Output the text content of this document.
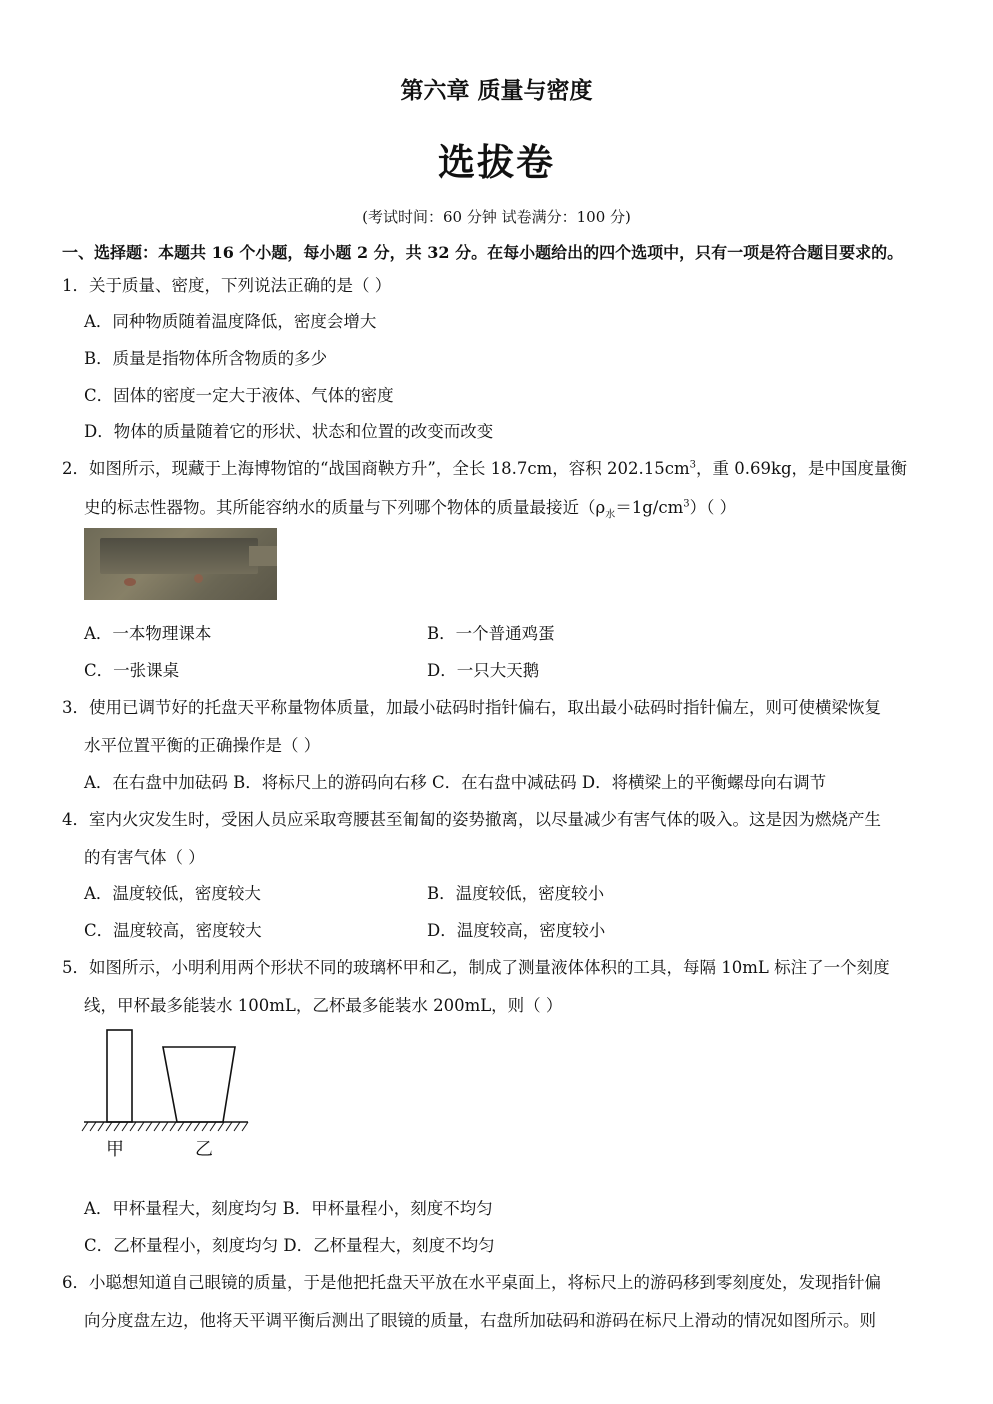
第六章 质量与密度
选拔卷
(考试时间：60 分钟 试卷满分：100 分)
一、选择题：本题共 16 个小题，每小题 2 分，共 32 分。在每小题给出的四个选项中，只有一项是符合题目要求的。
1．关于质量、密度，下列说法正确的是（ ）
A．同种物质随着温度降低，密度会增大
B．质量是指物体所含物质的多少
C．固体的密度一定大于液体、气体的密度
D．物体的质量随着它的形状、状态和位置的改变而改变
2．如图所示，现藏于上海博物馆的“战国商鞅方升”，全长 18.7cm，容积 $202.15cm^3$，重 0.69kg，是中国度量衡
史的标志性器物。其所能容纳水的质量与下列哪个物体的质量最接近$(\rho_水=1g/cm^3)$（ ）
A．一本物理课本	B．一个普通鸡蛋
C．一张课桌	D．一只大天鹅
3．使用已调节好的托盘天平称量物体质量，加最小砝码时指针偏右，取出最小砝码时指针偏左，则可使横梁恢复
水平位置平衡的正确操作是（ ）
A．在右盘中加砝码 B．将标尺上的游码向右移 C．在右盘中减砝码 D．将横梁上的平衡螺母向右调节
4．室内火灾发生时，受困人员应采取弯腰甚至匍匐的姿势撤离，以尽量减少有害气体的吸入。这是因为燃烧产生
的有害气体（ ）
A．温度较低，密度较大	B．温度较低，密度较小
C．温度较高，密度较大	D．温度较高，密度较小
5．如图所示，小明利用两个形状不同的玻璃杯甲和乙，制成了测量液体体积的工具，每隔 10mL 标注了一个刻度
线，甲杯最多能装水 100mL，乙杯最多能装水 200mL，则（ ）
甲	乙
A．甲杯量程大，刻度均匀 B．甲杯量程小，刻度不均匀
C．乙杯量程小，刻度均匀 D．乙杯量程大，刻度不均匀
6．小聪想知道自己眼镜的质量，于是他把托盘天平放在水平桌面上，将标尺上的游码移到零刻度处，发现指针偏
向分度盘左边，他将天平调平衡后测出了眼镜的质量，右盘所加砝码和游码在标尺上滑动的情况如图所示。则
